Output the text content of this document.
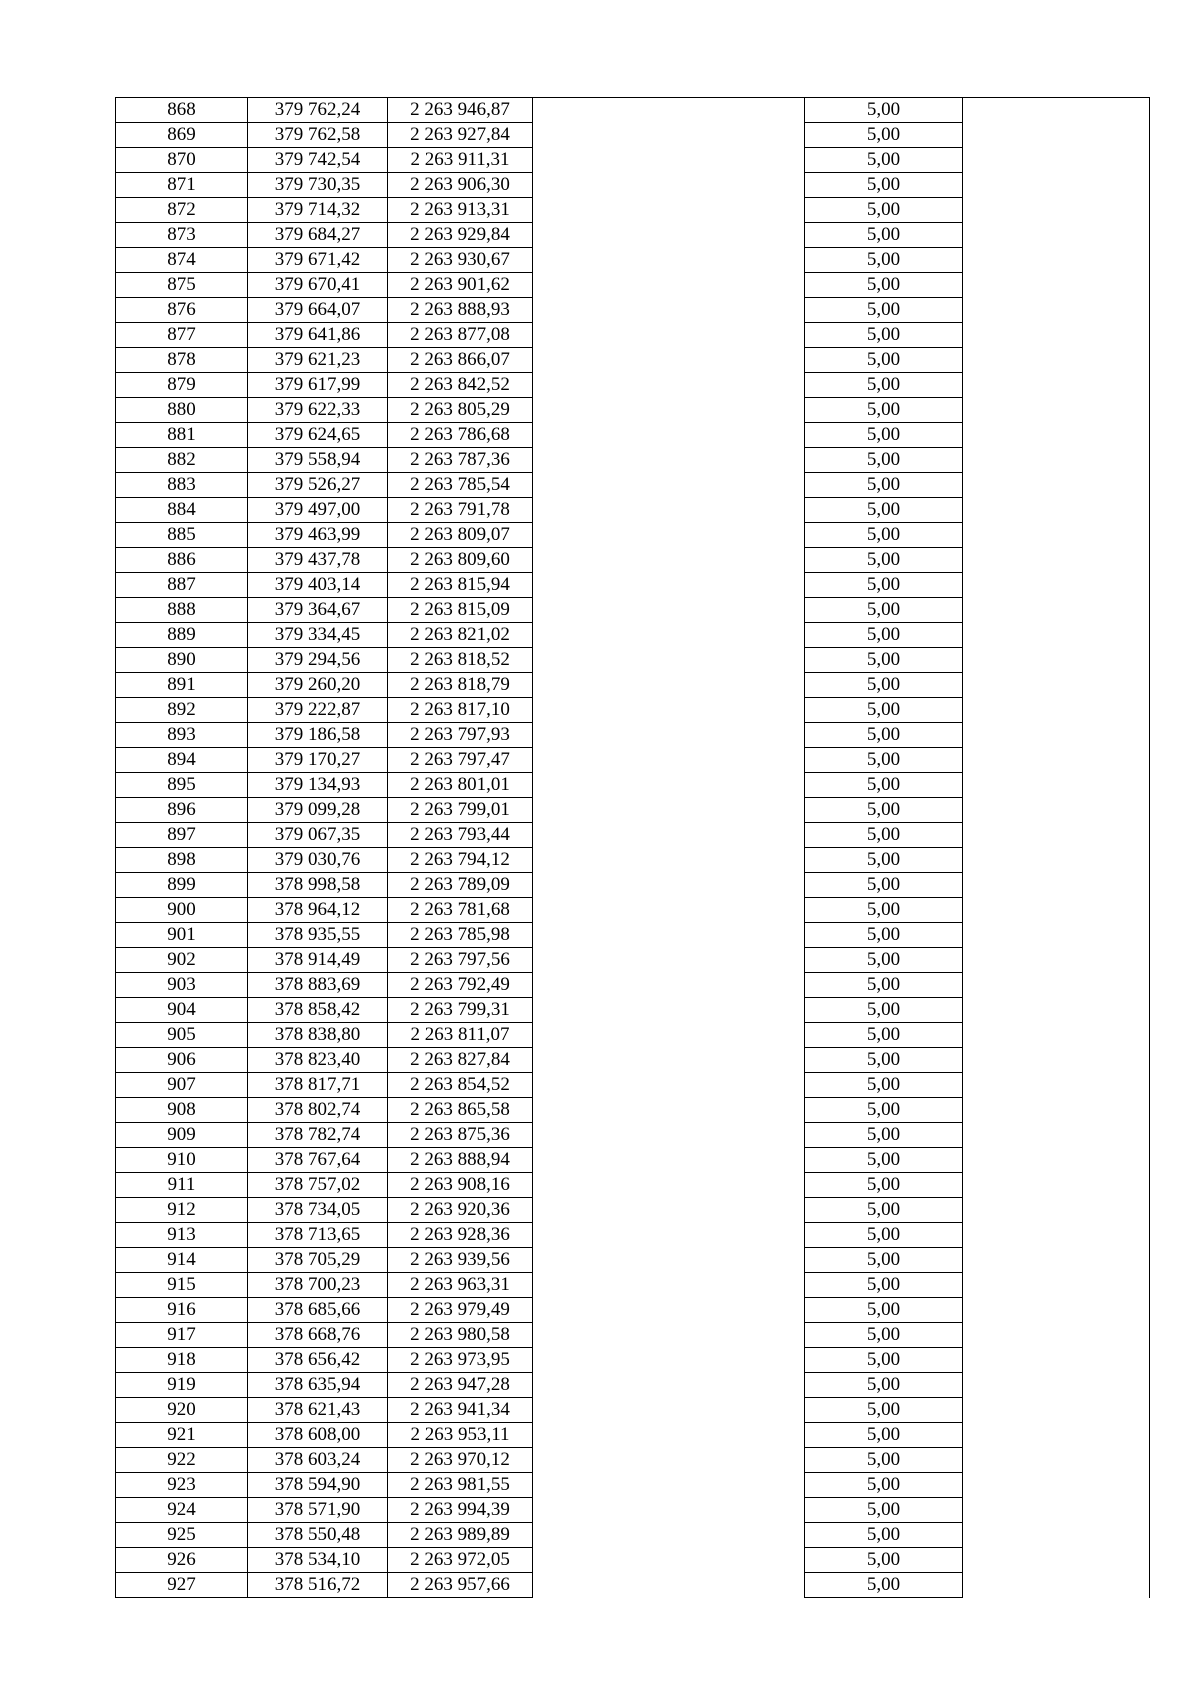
868	379 762,24	2 263 946,87		5,00	
869	379 762,58	2 263 927,84		5,00	
870	379 742,54	2 263 911,31		5,00	
871	379 730,35	2 263 906,30		5,00	
872	379 714,32	2 263 913,31		5,00	
873	379 684,27	2 263 929,84		5,00	
874	379 671,42	2 263 930,67		5,00	
875	379 670,41	2 263 901,62		5,00	
876	379 664,07	2 263 888,93		5,00	
877	379 641,86	2 263 877,08		5,00	
878	379 621,23	2 263 866,07		5,00	
879	379 617,99	2 263 842,52		5,00	
880	379 622,33	2 263 805,29		5,00	
881	379 624,65	2 263 786,68		5,00	
882	379 558,94	2 263 787,36		5,00	
883	379 526,27	2 263 785,54		5,00	
884	379 497,00	2 263 791,78		5,00	
885	379 463,99	2 263 809,07		5,00	
886	379 437,78	2 263 809,60		5,00	
887	379 403,14	2 263 815,94		5,00	
888	379 364,67	2 263 815,09		5,00	
889	379 334,45	2 263 821,02		5,00	
890	379 294,56	2 263 818,52		5,00	
891	379 260,20	2 263 818,79		5,00	
892	379 222,87	2 263 817,10		5,00	
893	379 186,58	2 263 797,93		5,00	
894	379 170,27	2 263 797,47		5,00	
895	379 134,93	2 263 801,01		5,00	
896	379 099,28	2 263 799,01		5,00	
897	379 067,35	2 263 793,44		5,00	
898	379 030,76	2 263 794,12		5,00	
899	378 998,58	2 263 789,09		5,00	
900	378 964,12	2 263 781,68		5,00	
901	378 935,55	2 263 785,98		5,00	
902	378 914,49	2 263 797,56		5,00	
903	378 883,69	2 263 792,49		5,00	
904	378 858,42	2 263 799,31		5,00	
905	378 838,80	2 263 811,07		5,00	
906	378 823,40	2 263 827,84		5,00	
907	378 817,71	2 263 854,52		5,00	
908	378 802,74	2 263 865,58		5,00	
909	378 782,74	2 263 875,36		5,00	
910	378 767,64	2 263 888,94		5,00	
911	378 757,02	2 263 908,16		5,00	
912	378 734,05	2 263 920,36		5,00	
913	378 713,65	2 263 928,36		5,00	
914	378 705,29	2 263 939,56		5,00	
915	378 700,23	2 263 963,31		5,00	
916	378 685,66	2 263 979,49		5,00	
917	378 668,76	2 263 980,58		5,00	
918	378 656,42	2 263 973,95		5,00	
919	378 635,94	2 263 947,28		5,00	
920	378 621,43	2 263 941,34		5,00	
921	378 608,00	2 263 953,11		5,00	
922	378 603,24	2 263 970,12		5,00	
923	378 594,90	2 263 981,55		5,00	
924	378 571,90	2 263 994,39		5,00	
925	378 550,48	2 263 989,89		5,00	
926	378 534,10	2 263 972,05		5,00	
927	378 516,72	2 263 957,66		5,00	
